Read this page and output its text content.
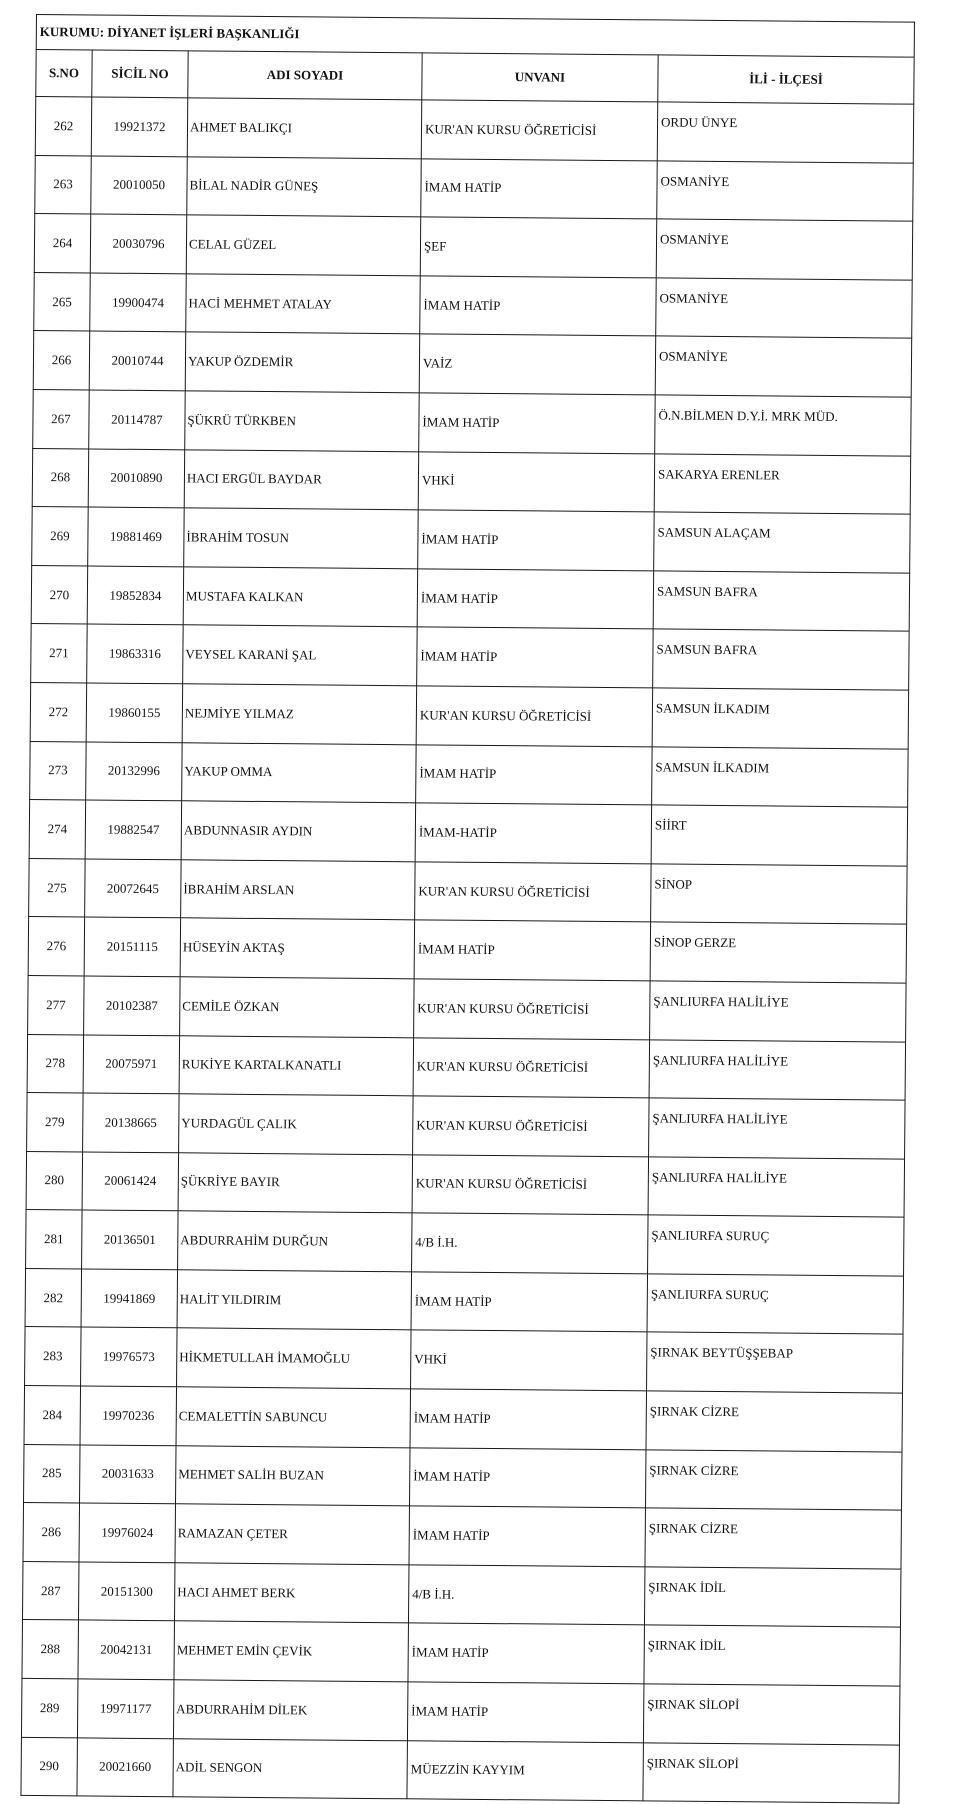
KURUMU: DİYANET İŞLERİ BAŞKANLIĞI				
S.NO	SİCİL NO	ADI SOYADI	UNVANI	İLİ - İLÇESİ
262	19921372	AHMET BALIKÇI	KUR'AN KURSU ÖĞRETİCİSİ	ORDU ÜNYE
263	20010050	BİLAL NADİR GÜNEŞ	İMAM HATİP	OSMANİYE
264	20030796	CELAL GÜZEL	ŞEF	OSMANİYE
265	19900474	HACİ MEHMET ATALAY	İMAM HATİP	OSMANİYE
266	20010744	YAKUP ÖZDEMİR	VAİZ	OSMANİYE
267	20114787	ŞÜKRÜ TÜRKBEN	İMAM HATİP	Ö.N.BİLMEN D.Y.İ. MRK MÜD.
268	20010890	HACI ERGÜL BAYDAR	VHKİ	SAKARYA ERENLER
269	19881469	İBRAHİM TOSUN	İMAM HATİP	SAMSUN ALAÇAM
270	19852834	MUSTAFA KALKAN	İMAM HATİP	SAMSUN BAFRA
271	19863316	VEYSEL KARANİ ŞAL	İMAM HATİP	SAMSUN BAFRA
272	19860155	NEJMİYE YILMAZ	KUR'AN KURSU ÖĞRETİCİSİ	SAMSUN İLKADIM
273	20132996	YAKUP OMMA	İMAM HATİP	SAMSUN İLKADIM
274	19882547	ABDUNNASIR AYDIN	İMAM-HATİP	SİİRT
275	20072645	İBRAHİM ARSLAN	KUR'AN KURSU ÖĞRETİCİSİ	SİNOP
276	20151115	HÜSEYİN AKTAŞ	İMAM HATİP	SİNOP GERZE
277	20102387	CEMİLE ÖZKAN	KUR'AN KURSU ÖĞRETİCİSİ	ŞANLIURFA HALİLİYE
278	20075971	RUKİYE KARTALKANATLI	KUR'AN KURSU ÖĞRETİCİSİ	ŞANLIURFA HALİLİYE
279	20138665	YURDAGÜL ÇALIK	KUR'AN KURSU ÖĞRETİCİSİ	ŞANLIURFA HALİLİYE
280	20061424	ŞÜKRİYE BAYIR	KUR'AN KURSU ÖĞRETİCİSİ	ŞANLIURFA HALİLİYE
281	20136501	ABDURRAHİM DURĞUN	4/B İ.H.	ŞANLIURFA SURUÇ
282	19941869	HALİT YILDIRIM	İMAM HATİP	ŞANLIURFA SURUÇ
283	19976573	HİKMETULLAH İMAMOĞLU	VHKİ	ŞIRNAK BEYTÜŞŞEBAP
284	19970236	CEMALETTİN SABUNCU	İMAM HATİP	ŞIRNAK CİZRE
285	20031633	MEHMET SALİH BUZAN	İMAM HATİP	ŞIRNAK CİZRE
286	19976024	RAMAZAN ÇETER	İMAM HATİP	ŞIRNAK CİZRE
287	20151300	HACI AHMET BERK	4/B İ.H.	ŞIRNAK İDİL
288	20042131	MEHMET EMİN ÇEVİK	İMAM HATİP	ŞIRNAK İDİL
289	19971177	ABDURRAHİM DİLEK	İMAM HATİP	ŞIRNAK SİLOPİ
290	20021660	ADİL SENGON	MÜEZZİN KAYYIM	ŞIRNAK SİLOPİ
